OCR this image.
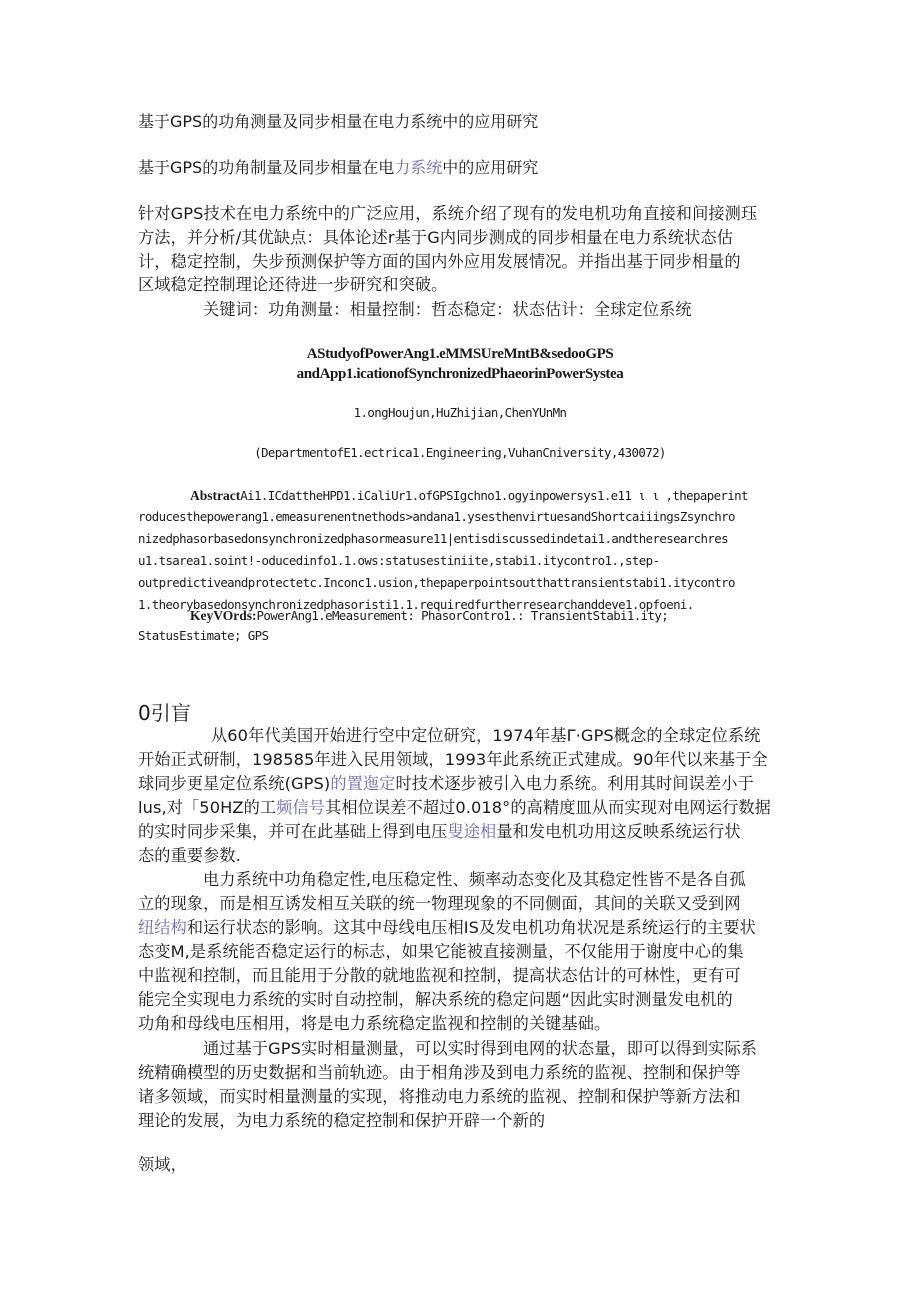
基于GPS的功角测量及同步相量在电力系统中的应用研究
基于GPS的功角制量及同步相量在电力系统中的应用研究
针对GPS技术在电力系统中的广泛应用，系统介绍了现有的发电机功角直接和间接测珏
方法，并分析/其优缺点：具体论述r基于G内同步测成的同步相量在电力系统状态估
计，稳定控制，失步预测保护等方面的国内外应用发展情况。并指出基于同步相量的
区域稳定控制理论还待进一步研究和突破。
关键词：功角测量：相量控制：哲态稳定：状态估计：全球定位系统
AStudyofPowerAng1.eMMSUreMntB&sedooGPS
andApp1.icationofSynchronizedPhaeorinPowerSystea
1.ongHoujun,HuZhijian,ChenYUnMn
(DepartmentofE1.ectrica1.Engineering,VuhanCniversity,430072)
AbstractAi1.ICdattheHPD1.iCaliUr1.ofGPSIgchno1.ogyinpowersys1.e11 ι ι ,thepaperint
roducesthepowerang1.emeasurenentnethods>andana1.ysesthenvirtuesandShortcaiiingsZsynchro
nizedphasorbasedonsynchronizedphasormeasure11|entisdiscussedindetai1.andtheresearchres
u1.tsarea1.soint!-oducedinfo1.1.ows:statusestiniite,stabi1.itycontro1.,step-
outpredictiveandprotectetc.Inconc1.usion,thepaperpointsoutthattransientstabi1.itycontro
1.theorybasedonsynchronizedphasoristi1.1.requiredfurtherresearchanddeve1.opfoeni.
KeyVOrds:PowerAng1.eMeasurement: PhasorContro1.: TransientStabi1.ity;
StatusEstimate; GPS
0引盲
从60年代美国开始进行空中定位研究，1974年基Γ·GPS概念的全球定位系统
开始正式研制，198585年进入民用领域，1993年此系统正式建成。90年代以来基于全
球同步更星定位系统(GPS)的置迤定时技术逐步被引入电力系统。利用其时间误差小于
lus,对「50HZ的工频信号其相位误差不超过0.018°的高精度皿从而实现对电网运行数据
的实时同步采集，并可在此基础上得到电压叟途相量和发电机功用这反映系统运行状
态的重要参数.
电力系统中功角稳定性,电压稳定性、频率动态变化及其稳定性皆不是各自孤
立的现象，而是相互诱发相互关联的统一物理现象的不同侧面，其间的关联又受到网
纽结构和运行状态的影响。这其中母线电压相IS及发电机功角状况是系统运行的主要状
态变M,是系统能否稳定运行的标志，如果它能被直接测量，不仅能用于谢度中心的集
中监视和控制，而且能用于分散的就地监视和控制，提高状态估计的可林性，更有可
能完全实现电力系统的实时自动控制，解决系统的稳定问题“因此实时测量发电机的
功角和母线电压相用，将是电力系统稳定监视和控制的关键基础。
通过基于GPS实时相量测量，可以实时得到电网的状态量，即可以得到实际系
统精确模型的历史数据和当前轨迹。由于相角涉及到电力系统的监视、控制和保护等
诸多领域，而实时相量测量的实现，将推动电力系统的监视、控制和保护等新方法和
理论的发展，为电力系统的稳定控制和保护开辟一个新的
领域，
